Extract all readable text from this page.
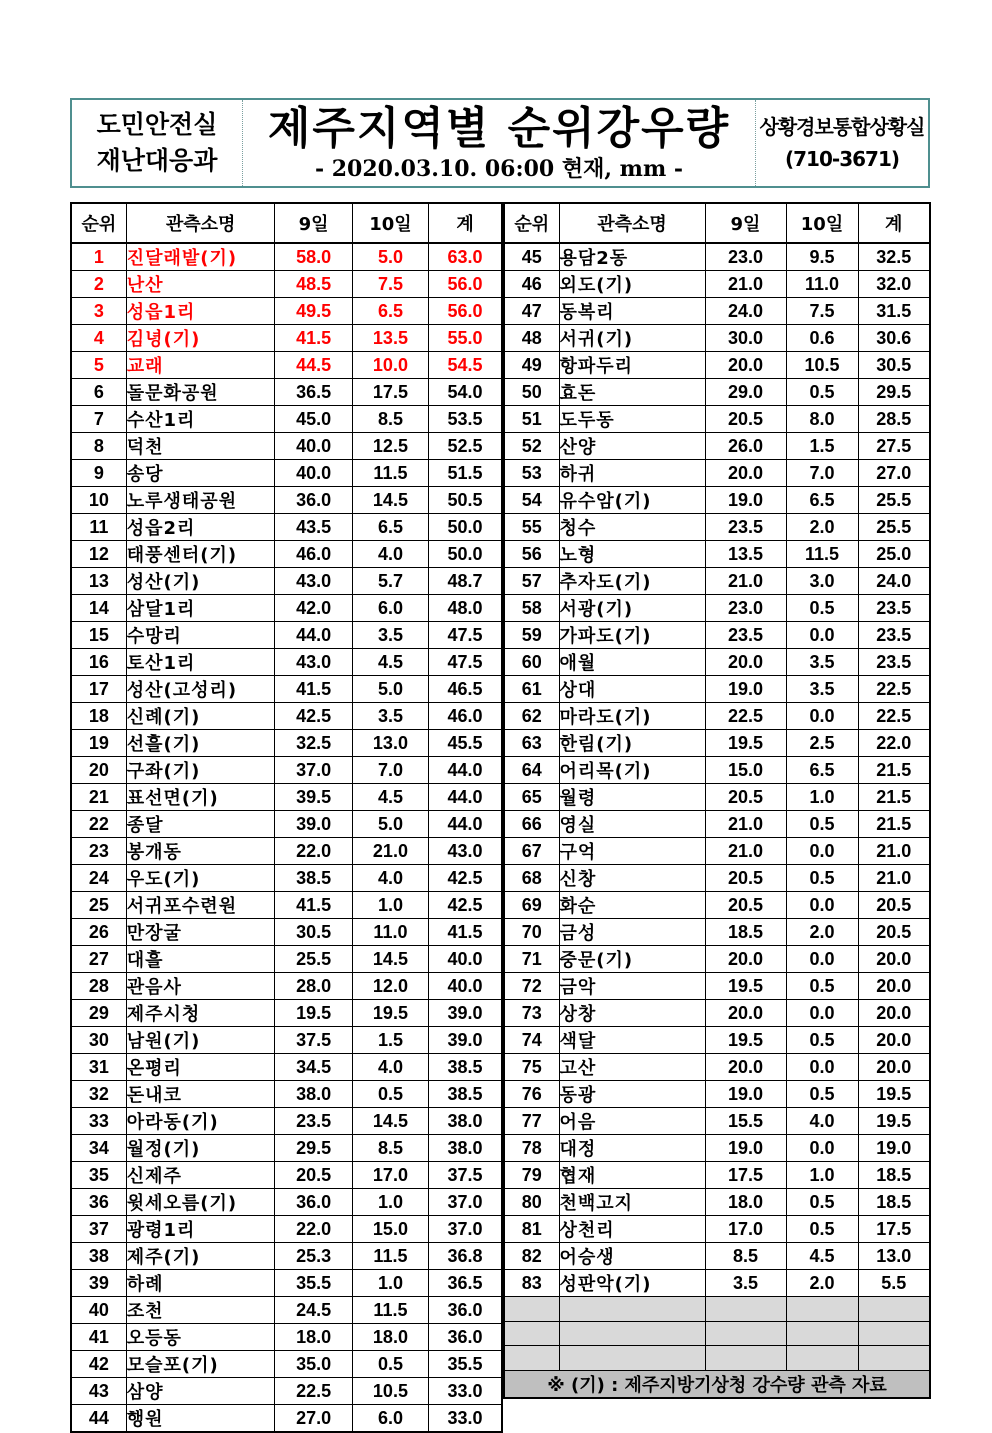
도민안전실
재난대응과
제주지역별 순위강우량
- 2020.03.10. 06:00 현재, mm -
상황경보통합상황실
(710-3671)
순위	관측소명	9일	10일	계
1	진달래밭(기)	58.0	5.0	63.0
2	난산	48.5	7.5	56.0
3	성읍1리	49.5	6.5	56.0
4	김녕(기)	41.5	13.5	55.0
5	교래	44.5	10.0	54.5
6	돌문화공원	36.5	17.5	54.0
7	수산1리	45.0	8.5	53.5
8	덕천	40.0	12.5	52.5
9	송당	40.0	11.5	51.5
10	노루생태공원	36.0	14.5	50.5
11	성읍2리	43.5	6.5	50.0
12	태풍센터(기)	46.0	4.0	50.0
13	성산(기)	43.0	5.7	48.7
14	삼달1리	42.0	6.0	48.0
15	수망리	44.0	3.5	47.5
16	토산1리	43.0	4.5	47.5
17	성산(고성리)	41.5	5.0	46.5
18	신례(기)	42.5	3.5	46.0
19	선흘(기)	32.5	13.0	45.5
20	구좌(기)	37.0	7.0	44.0
21	표선면(기)	39.5	4.5	44.0
22	종달	39.0	5.0	44.0
23	봉개동	22.0	21.0	43.0
24	우도(기)	38.5	4.0	42.5
25	서귀포수련원	41.5	1.0	42.5
26	만장굴	30.5	11.0	41.5
27	대흘	25.5	14.5	40.0
28	관음사	28.0	12.0	40.0
29	제주시청	19.5	19.5	39.0
30	남원(기)	37.5	1.5	39.0
31	온평리	34.5	4.0	38.5
32	돈내코	38.0	0.5	38.5
33	아라동(기)	23.5	14.5	38.0
34	월정(기)	29.5	8.5	38.0
35	신제주	20.5	17.0	37.5
36	윗세오름(기)	36.0	1.0	37.0
37	광령1리	22.0	15.0	37.0
38	제주(기)	25.3	11.5	36.8
39	하례	35.5	1.0	36.5
40	조천	24.5	11.5	36.0
41	오등동	18.0	18.0	36.0
42	모슬포(기)	35.0	0.5	35.5
43	삼양	22.5	10.5	33.0
44	행원	27.0	6.0	33.0
순위	관측소명	9일	10일	계
45	용담2동	23.0	9.5	32.5
46	외도(기)	21.0	11.0	32.0
47	동복리	24.0	7.5	31.5
48	서귀(기)	30.0	0.6	30.6
49	항파두리	20.0	10.5	30.5
50	효돈	29.0	0.5	29.5
51	도두동	20.5	8.0	28.5
52	산양	26.0	1.5	27.5
53	하귀	20.0	7.0	27.0
54	유수암(기)	19.0	6.5	25.5
55	청수	23.5	2.0	25.5
56	노형	13.5	11.5	25.0
57	추자도(기)	21.0	3.0	24.0
58	서광(기)	23.0	0.5	23.5
59	가파도(기)	23.5	0.0	23.5
60	애월	20.0	3.5	23.5
61	상대	19.0	3.5	22.5
62	마라도(기)	22.5	0.0	22.5
63	한림(기)	19.5	2.5	22.0
64	어리목(기)	15.0	6.5	21.5
65	월령	20.5	1.0	21.5
66	영실	21.0	0.5	21.5
67	구억	21.0	0.0	21.0
68	신창	20.5	0.5	21.0
69	화순	20.5	0.0	20.5
70	금성	18.5	2.0	20.5
71	중문(기)	20.0	0.0	20.0
72	금악	19.5	0.5	20.0
73	상창	20.0	0.0	20.0
74	색달	19.5	0.5	20.0
75	고산	20.0	0.0	20.0
76	동광	19.0	0.5	19.5
77	어음	15.5	4.0	19.5
78	대정	19.0	0.0	19.0
79	협재	17.5	1.0	18.5
80	천백고지	18.0	0.5	18.5
81	상천리	17.0	0.5	17.5
82	어승생	8.5	4.5	13.0
83	성판악(기)	3.5	2.0	5.5

※ (기) : 제주지방기상청 강수량 관측 자료				
